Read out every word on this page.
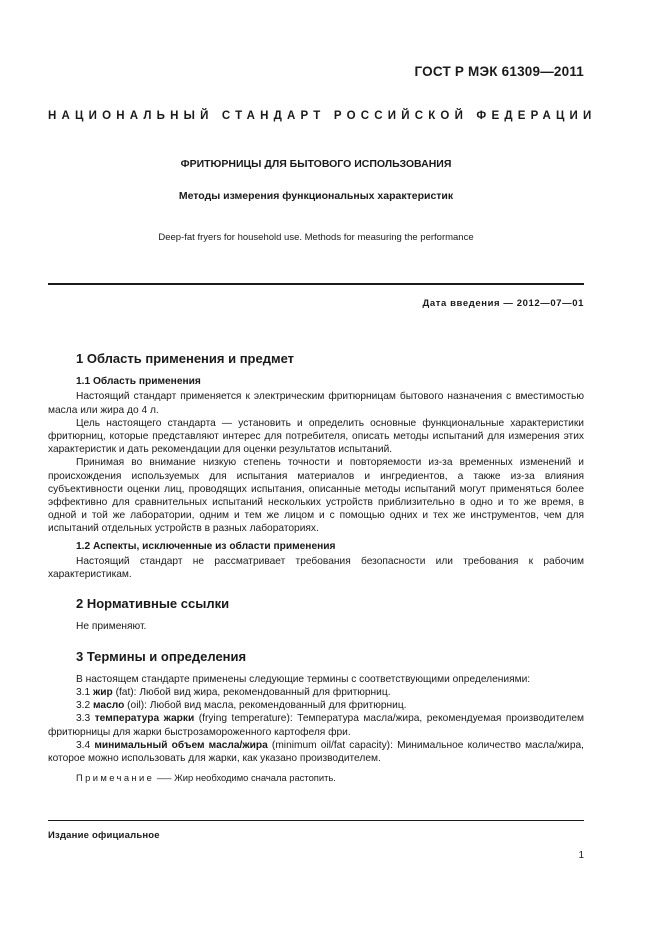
ГОСТ Р МЭК 61309—2011
НАЦИОНАЛЬНЫЙ СТАНДАРТ РОССИЙСКОЙ ФЕДЕРАЦИИ
ФРИТЮРНИЦЫ ДЛЯ БЫТОВОГО ИСПОЛЬЗОВАНИЯ
Методы измерения функциональных характеристик
Deep-fat fryers for household use. Methods for measuring the performance
Дата введения — 2012—07—01
1 Область применения и предмет
1.1 Область применения

Настоящий стандарт применяется к электрическим фритюрницам бытового назначения с вместимостью масла или жира до 4 л.

Цель настоящего стандарта — установить и определить основные функциональные характеристики фритюрниц, которые представляют интерес для потребителя, описать методы испытаний для измерения этих характеристик и дать рекомендации для оценки результатов испытаний.

Принимая во внимание низкую степень точности и повторяемости из-за временных изменений и происхождения используемых для испытания материалов и ингредиентов, а также из-за влияния субъективности оценки лиц, проводящих испытания, описанные методы испытаний могут применяться более эффективно для сравнительных испытаний нескольких устройств приблизительно в одно и то же время, в одной и той же лаборатории, одним и тем же лицом и с помощью одних и тех же инструментов, чем для испытаний отдельных устройств в разных лабораториях.

1.2 Аспекты, исключенные из области применения

Настоящий стандарт не рассматривает требования безопасности или требования к рабочим характеристикам.

2 Нормативные ссылки

Не применяют.

3 Термины и определения

В настоящем стандарте применены следующие термины с соответствующими определениями:

3.1 жир (fat): Любой вид жира, рекомендованный для фритюрниц.

3.2 масло (oil): Любой вид масла, рекомендованный для фритюрниц.

3.3 температура жарки (frying temperature): Температура масла/жира, рекомендуемая производителем фритюрницы для жарки быстрозамороженного картофеля фри.

3.4 минимальный объем масла/жира (minimum oil/fat capacity): Минимальное количество масла/жира, которое можно использовать для жарки, как указано производителем.

Примечание —– Жир необходимо сначала растопить.

Издание официальное
1
